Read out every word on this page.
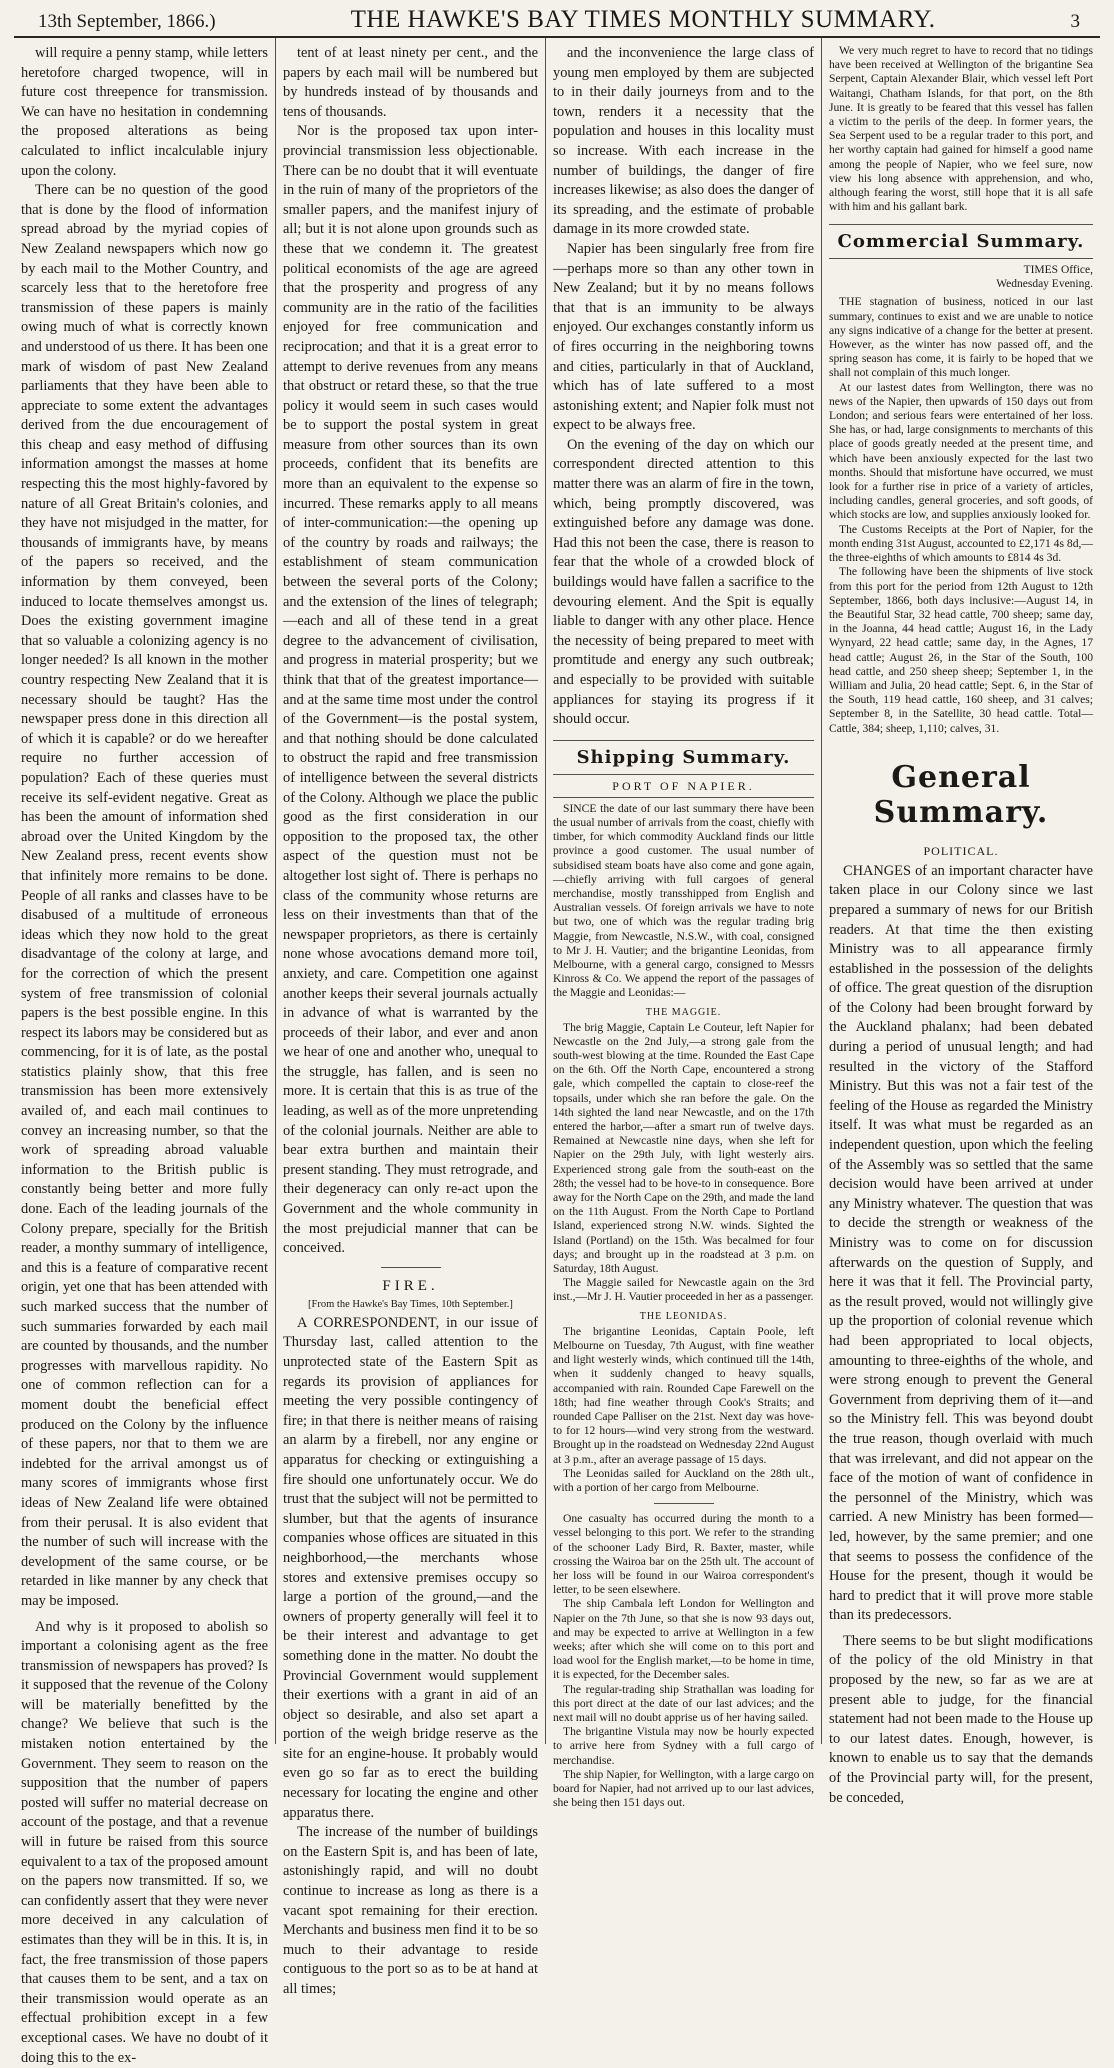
13th September, 1866.)	THE HAWKE'S BAY TIMES MONTHLY SUMMARY.	3

will require a penny stamp, while letters heretofore charged twopence, will in future cost threepence for transmission. We can have no hesitation in condemning the proposed alterations as being calculated to inflict incalculable injury upon the colony.

There can be no question of the good that is done by the flood of information spread abroad by the myriad copies of New Zealand newspapers which now go by each mail to the Mother Country, and scarcely less that to the heretofore free transmission of these papers is mainly owing much of what is correctly known and understood of us there. It has been one mark of wisdom of past New Zealand parliaments that they have been able to appreciate to some extent the advantages derived from the due encouragement of this cheap and easy method of diffusing information amongst the masses at home respecting this the most highly-favored by nature of all Great Britain's colonies, and they have not misjudged in the matter, for thousands of immigrants have, by means of the papers so received, and the information by them conveyed, been induced to locate themselves amongst us. Does the existing government imagine that so valuable a colonizing agency is no longer needed? Is all known in the mother country respecting New Zealand that it is necessary should be taught? Has the newspaper press done in this direction all of which it is capable? or do we hereafter require no further accession of population? Each of these queries must receive its self-evident negative. Great as has been the amount of information shed abroad over the United Kingdom by the New Zealand press, recent events show that infinitely more remains to be done. People of all ranks and classes have to be disabused of a multitude of erroneous ideas which they now hold to the great disadvantage of the colony at large, and for the correction of which the present system of free transmission of colonial papers is the best possible engine. In this respect its labors may be considered but as commencing, for it is of late, as the postal statistics plainly show, that this free transmission has been more extensively availed of, and each mail continues to convey an increasing number, so that the work of spreading abroad valuable information to the British public is constantly being better and more fully done. Each of the leading journals of the Colony prepare, specially for the British reader, a monthy summary of intelligence, and this is a feature of comparative recent origin, yet one that has been attended with such marked success that the number of such summaries forwarded by each mail are counted by thousands, and the number progresses with marvellous rapidity. No one of common reflection can for a moment doubt the beneficial effect produced on the Colony by the influence of these papers, nor that to them we are indebted for the arrival amongst us of many scores of immigrants whose first ideas of New Zealand life were obtained from their perusal. It is also evident that the number of such will increase with the development of the same course, or be retarded in like manner by any check that may be imposed.

And why is it proposed to abolish so important a colonising agent as the free transmission of newspapers has proved? Is it supposed that the revenue of the Colony will be materially benefitted by the change? We believe that such is the mistaken notion entertained by the Government. They seem to reason on the supposition that the number of papers posted will suffer no material decrease on account of the postage, and that a revenue will in future be raised from this source equivalent to a tax of the proposed amount on the papers now transmitted. If so, we can confidently assert that they were never more deceived in any calculation of estimates than they will be in this. It is, in fact, the free transmission of those papers that causes them to be sent, and a tax on their transmission would operate as an effectual prohibition except in a few exceptional cases. We have no doubt of it doing this to the ex-

tent of at least ninety per cent., and the papers by each mail will be numbered but by hundreds instead of by thousands and tens of thousands.

Nor is the proposed tax upon inter-provincial transmission less objectionable. There can be no doubt that it will eventuate in the ruin of many of the proprietors of the smaller papers, and the manifest injury of all; but it is not alone upon grounds such as these that we condemn it. The greatest political economists of the age are agreed that the prosperity and progress of any community are in the ratio of the facilities enjoyed for free communication and reciprocation; and that it is a great error to attempt to derive revenues from any means that obstruct or retard these, so that the true policy it would seem in such cases would be to support the postal system in great measure from other sources than its own proceeds, confident that its benefits are more than an equivalent to the expense so incurred. These remarks apply to all means of inter-communication:—the opening up of the country by roads and railways; the establishment of steam communication between the several ports of the Colony; and the extension of the lines of telegraph;—each and all of these tend in a great degree to the advancement of civilisation, and progress in material prosperity; but we think that that of the greatest importance—and at the same time most under the control of the Government—is the postal system, and that nothing should be done calculated to obstruct the rapid and free transmission of intelligence between the several districts of the Colony. Although we place the public good as the first consideration in our opposition to the proposed tax, the other aspect of the question must not be altogether lost sight of. There is perhaps no class of the community whose returns are less on their investments than that of the newspaper proprietors, as there is certainly none whose avocations demand more toil, anxiety, and care. Competition one against another keeps their several journals actually in advance of what is warranted by the proceeds of their labor, and ever and anon we hear of one and another who, unequal to the struggle, has fallen, and is seen no more. It is certain that this is as true of the leading, as well as of the more unpretending of the colonial journals. Neither are able to bear extra burthen and maintain their present standing. They must retrograde, and their degeneracy can only re-act upon the Government and the whole community in the most prejudicial manner that can be conceived.

FIRE.
[From the Hawke's Bay Times, 10th September.]

A CORRESPONDENT, in our issue of Thursday last, called attention to the unprotected state of the Eastern Spit as regards its provision of appliances for meeting the very possible contingency of fire; in that there is neither means of raising an alarm by a firebell, nor any engine or apparatus for checking or extinguishing a fire should one unfortunately occur. We do trust that the subject will not be permitted to slumber, but that the agents of insurance companies whose offices are situated in this neighborhood,—the merchants whose stores and extensive premises occupy so large a portion of the ground,—and the owners of property generally will feel it to be their interest and advantage to get something done in the matter. No doubt the Provincial Government would supplement their exertions with a grant in aid of an object so desirable, and also set apart a portion of the weigh bridge reserve as the site for an engine-house. It probably would even go so far as to erect the building necessary for locating the engine and other apparatus there.

The increase of the number of buildings on the Eastern Spit is, and has been of late, astonishingly rapid, and will no doubt continue to increase as long as there is a vacant spot remaining for their erection. Merchants and business men find it to be so much to their advantage to reside contiguous to the port so as to be at hand at all times;

and the inconvenience the large class of young men employed by them are subjected to in their daily journeys from and to the town, renders it a necessity that the population and houses in this locality must so increase. With each increase in the number of buildings, the danger of fire increases likewise; as also does the danger of its spreading, and the estimate of probable damage in its more crowded state.

Napier has been singularly free from fire—perhaps more so than any other town in New Zealand; but it by no means follows that that is an immunity to be always enjoyed. Our exchanges constantly inform us of fires occurring in the neighboring towns and cities, particularly in that of Auckland, which has of late suffered to a most astonishing extent; and Napier folk must not expect to be always free.

On the evening of the day on which our correspondent directed attention to this matter there was an alarm of fire in the town, which, being promptly discovered, was extinguished before any damage was done. Had this not been the case, there is reason to fear that the whole of a crowded block of buildings would have fallen a sacrifice to the devouring element. And the Spit is equally liable to danger with any other place. Hence the necessity of being prepared to meet with promtitude and energy any such outbreak; and especially to be provided with suitable appliances for staying its progress if it should occur.

Shipping Summary.
PORT OF NAPIER.

SINCE the date of our last summary there have been the usual number of arrivals from the coast, chiefly with timber, for which commodity Auckland finds our little province a good customer. The usual number of subsidised steam boats have also come and gone again,—chiefly arriving with full cargoes of general merchandise, mostly transshipped from English and Australian vessels. Of foreign arrivals we have to note but two, one of which was the regular trading brig Maggie, from Newcastle, N.S.W., with coal, consigned to Mr J. H. Vautier; and the brigantine Leonidas, from Melbourne, with a general cargo, consigned to Messrs Kinross & Co. We append the report of the passages of the Maggie and Leonidas:—

THE MAGGIE.

The brig Maggie, Captain Le Couteur, left Napier for Newcastle on the 2nd July,—a strong gale from the south-west blowing at the time. Rounded the East Cape on the 6th. Off the North Cape, encountered a strong gale, which compelled the captain to close-reef the topsails, under which she ran before the gale. On the 14th sighted the land near Newcastle, and on the 17th entered the harbor,—after a smart run of twelve days. Remained at Newcastle nine days, when she left for Napier on the 29th July, with light westerly airs. Experienced strong gale from the south-east on the 28th; the vessel had to be hove-to in consequence. Bore away for the North Cape on the 29th, and made the land on the 11th August. From the North Cape to Portland Island, experienced strong N.W. winds. Sighted the Island (Portland) on the 15th. Was becalmed for four days; and brought up in the roadstead at 3 p.m. on Saturday, 18th August.

The Maggie sailed for Newcastle again on the 3rd inst.,—Mr J. H. Vautier proceeded in her as a passenger.

THE LEONIDAS.

The brigantine Leonidas, Captain Poole, left Melbourne on Tuesday, 7th August, with fine weather and light westerly winds, which continued till the 14th, when it suddenly changed to heavy squalls, accompanied with rain. Rounded Cape Farewell on the 18th; had fine weather through Cook's Straits; and rounded Cape Palliser on the 21st. Next day was hove-to for 12 hours—wind very strong from the westward. Brought up in the roadstead on Wednesday 22nd August at 3 p.m., after an average passage of 15 days.

The Leonidas sailed for Auckland on the 28th ult., with a portion of her cargo from Melbourne.

One casualty has occurred during the month to a vessel belonging to this port. We refer to the stranding of the schooner Lady Bird, R. Baxter, master, while crossing the Wairoa bar on the 25th ult. The account of her loss will be found in our Wairoa correspondent's letter, to be seen elsewhere.

The ship Cambala left London for Wellington and Napier on the 7th June, so that she is now 93 days out, and may be expected to arrive at Wellington in a few weeks; after which she will come on to this port and load wool for the English market,—to be home in time, it is expected, for the December sales.

The regular-trading ship Strathallan was loading for this port direct at the date of our last advices; and the next mail will no doubt apprise us of her having sailed.

The brigantine Vistula may now be hourly expected to arrive here from Sydney with a full cargo of merchandise.

The ship Napier, for Wellington, with a large cargo on board for Napier, had not arrived up to our last advices, she being then 151 days out.

We very much regret to have to record that no tidings have been received at Wellington of the brigantine Sea Serpent, Captain Alexander Blair, which vessel left Port Waitangi, Chatham Islands, for that port, on the 8th June. It is greatly to be feared that this vessel has fallen a victim to the perils of the deep. In former years, the Sea Serpent used to be a regular trader to this port, and her worthy captain had gained for himself a good name among the people of Napier, who we feel sure, now view his long absence with apprehension, and who, although fearing the worst, still hope that it is all safe with him and his gallant bark.

Commercial Summary.
TIMES Office,
Wednesday Evening.

THE stagnation of business, noticed in our last summary, continues to exist and we are unable to notice any signs indicative of a change for the better at present. However, as the winter has now passed off, and the spring season has come, it is fairly to be hoped that we shall not complain of this much longer.

At our lastest dates from Wellington, there was no news of the Napier, then upwards of 150 days out from London; and serious fears were entertained of her loss. She has, or had, large consignments to merchants of this place of goods greatly needed at the present time, and which have been anxiously expected for the last two months. Should that misfortune have occurred, we must look for a further rise in price of a variety of articles, including candles, general groceries, and soft goods, of which stocks are low, and supplies anxiously looked for.

The Customs Receipts at the Port of Napier, for the month ending 31st August, accounted to £2,171 4s 8d,—the three-eighths of which amounts to £814 4s 3d.

The following have been the shipments of live stock from this port for the period from 12th August to 12th September, 1866, both days inclusive:—August 14, in the Beautiful Star, 32 head cattle, 700 sheep; same day, in the Joanna, 44 head cattle; August 16, in the Lady Wynyard, 22 head cattle; same day, in the Agnes, 17 head cattle; August 26, in the Star of the South, 100 head cattle, and 250 sheep sheep; September 1, in the William and Julia, 20 head cattle; Sept. 6, in the Star of the South, 119 head cattle, 160 sheep, and 31 calves; September 8, in the Satellite, 30 head cattle. Total—Cattle, 384; sheep, 1,110; calves, 31.

General Summary.
POLITICAL.

CHANGES of an important character have taken place in our Colony since we last prepared a summary of news for our British readers. At that time the then existing Ministry was to all appearance firmly established in the possession of the delights of office. The great question of the disruption of the Colony had been brought forward by the Auckland phalanx; had been debated during a period of unusual length; and had resulted in the victory of the Stafford Ministry. But this was not a fair test of the feeling of the House as regarded the Ministry itself. It was what must be regarded as an independent question, upon which the feeling of the Assembly was so settled that the same decision would have been arrived at under any Ministry whatever. The question that was to decide the strength or weakness of the Ministry was to come on for discussion afterwards on the question of Supply, and here it was that it fell. The Provincial party, as the result proved, would not willingly give up the proportion of colonial revenue which had been appropriated to local objects, amounting to three-eighths of the whole, and were strong enough to prevent the General Government from depriving them of it—and so the Ministry fell. This was beyond doubt the true reason, though overlaid with much that was irrelevant, and did not appear on the face of the motion of want of confidence in the personnel of the Ministry, which was carried. A new Ministry has been formed—led, however, by the same premier; and one that seems to possess the confidence of the House for the present, though it would be hard to predict that it will prove more stable than its predecessors.

There seems to be but slight modifications of the policy of the old Ministry in that proposed by the new, so far as we are at present able to judge, for the financial statement had not been made to the House up to our latest dates. Enough, however, is known to enable us to say that the demands of the Provincial party will, for the present, be conceded,
